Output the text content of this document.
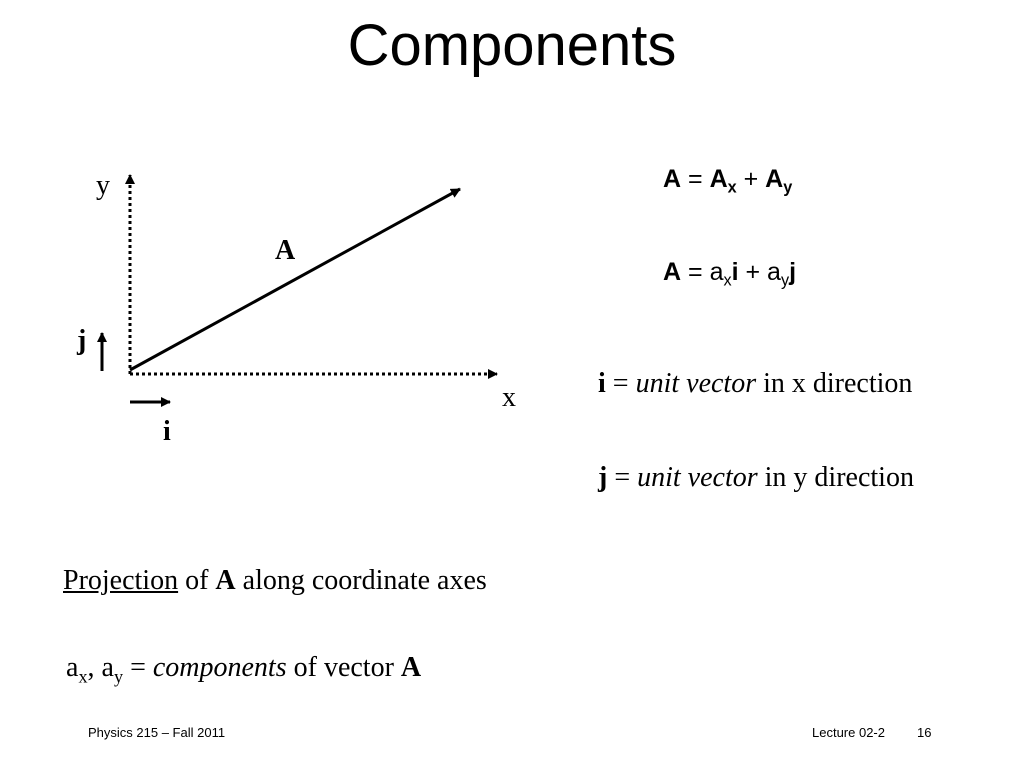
Components
y
x
A
j
i
$A = A_x + A_y$
$A = a_xi + a_yj$
i = unit vector in x direction
j = unit vector in y direction
Projection of A along coordinate axes
$a_x$, $a_y$ = components of vector A
Physics 215 – Fall 2011	Lecture 02-2 16
